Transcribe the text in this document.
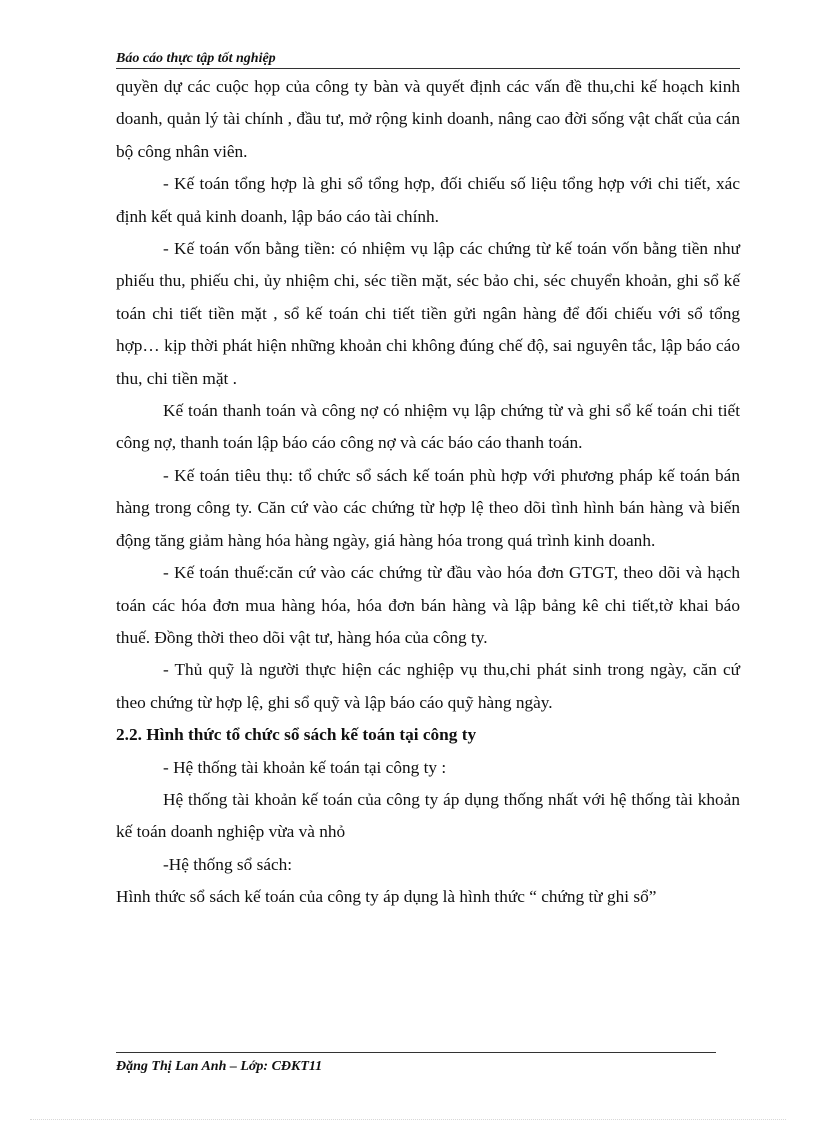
Báo cáo thực tập tốt nghiệp

quyền dự các cuộc họp của công ty bàn và quyết định các vấn đề thu,chi kế hoạch kinh doanh, quản lý tài chính , đầu tư, mở rộng kinh doanh, nâng cao đời sống vật chất của cán bộ công nhân viên.

- Kế toán tổng hợp là ghi sổ tổng hợp, đối chiếu số liệu tổng hợp với chi tiết, xác định kết quả kinh doanh, lập báo cáo tài chính.

- Kế toán vốn bằng tiền: có nhiệm vụ lập các chứng từ kế toán vốn bằng tiền như phiếu thu, phiếu chi, ủy nhiệm chi, séc tiền mặt, séc bảo chi, séc chuyển khoản, ghi sổ kế toán chi tiết tiền mặt , sổ kế toán chi tiết tiền gửi ngân hàng để đối chiếu với sổ tổng hợp… kịp thời phát hiện những khoản chi không đúng chế độ, sai nguyên tắc, lập báo cáo thu, chi tiền mặt .

Kế toán thanh toán và công nợ có nhiệm vụ lập chứng từ và ghi sổ kế toán chi tiết công nợ, thanh toán lập báo cáo công nợ và các báo cáo thanh toán.

- Kế toán tiêu thụ: tổ chức sổ sách kế toán phù hợp với phương pháp kế toán bán hàng trong công ty. Căn cứ vào các chứng từ hợp lệ theo dõi tình hình bán hàng và biến động tăng giảm hàng hóa hàng ngày, giá hàng hóa trong quá trình kinh doanh.

- Kế toán thuế:căn cứ vào các chứng từ đầu vào hóa đơn GTGT, theo dõi và hạch toán các hóa đơn mua hàng hóa, hóa đơn bán hàng và lập bảng kê chi tiết,tờ khai báo thuế. Đồng thời theo dõi vật tư, hàng hóa của công ty.

- Thủ quỹ là người thực hiện các nghiệp vụ thu,chi phát sinh trong ngày, căn cứ theo chứng từ hợp lệ, ghi sổ quỹ và lập báo cáo quỹ hàng ngày.

2.2. Hình thức tổ chức sổ sách kế toán tại công ty

- Hệ thống tài khoản kế toán tại công ty :

Hệ thống tài khoản kế toán của công ty áp dụng thống nhất với hệ thống tài khoản kế toán doanh nghiệp vừa và nhỏ

-Hệ thống sổ sách:

Hình thức sổ sách kế toán của công ty áp dụng là hình thức “ chứng từ ghi sổ”

Đặng Thị Lan Anh – Lớp: CĐKT11
